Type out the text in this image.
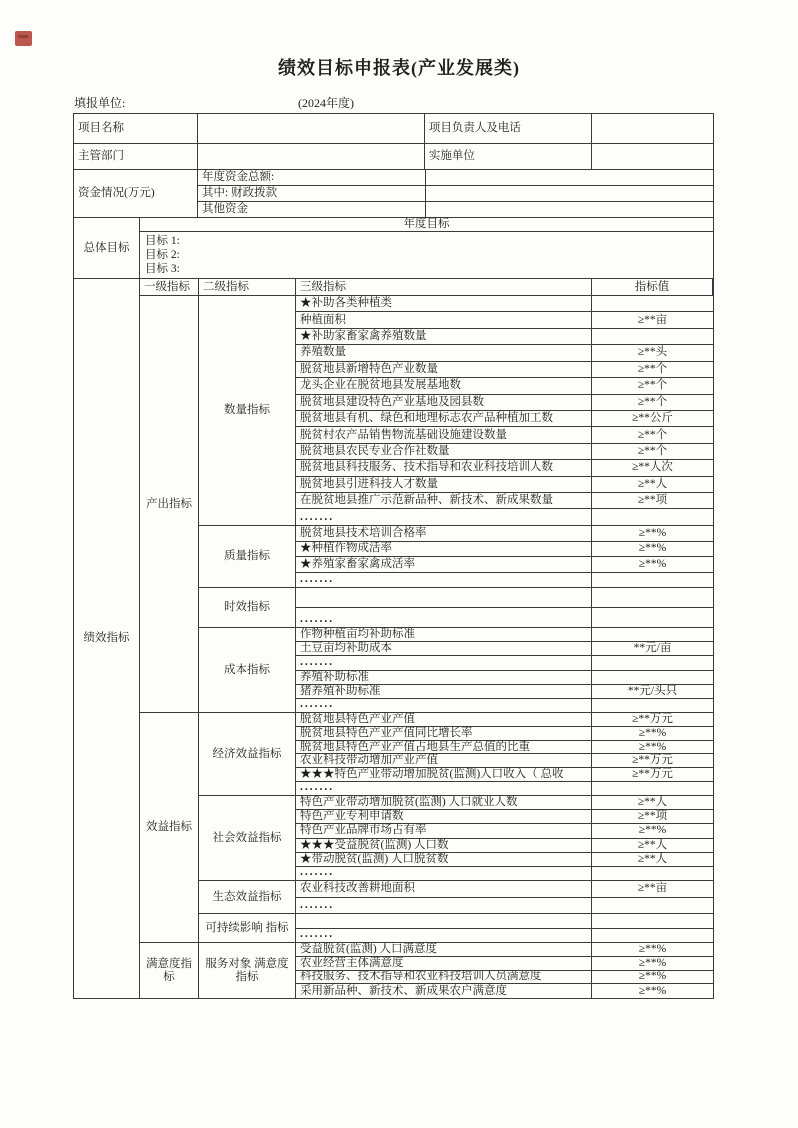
绩效目标申报表(产业发展类)
填报单位:	(2024年度)
项目名称	项目负责人及电话
主管部门	实施单位
资金情况(万元)
年度资金总额:
其中: 财政拨款
其他资金
总体目标
年度目标
目标 1:
目标 2:
目标 3:
绩效指标
一级指标	二级指标	三级指标	指标值
产出指标
数量指标
★补助各类种植类
种植面积	≥**亩
★补助家畜家禽养殖数量
养殖数量	≥**头
脱贫地县新增特色产业数量	≥**个
龙头企业在脱贫地县发展基地数	≥**个
脱贫地县建设特色产业基地及园县数	≥**个
脱贫地县有机、绿色和地理标志农产品种植加工数	≥**公斤
脱贫村农产品销售物流基础设施建设数量	≥**个
脱贫地县农民专业合作社数量	≥**个
脱贫地县科技服务、技术指导和农业科技培训人数	≥**人次
脱贫地县引进科技人才数量	≥**人
在脱贫地县推广示范新品种、新技术、新成果数量	≥**项
.......
质量指标
脱贫地县技术培训合格率	≥**%
★种植作物成活率	≥**%
★养殖家畜家禽成活率	≥**%
.......
时效指标
.......
成本指标
作物种植亩均补助标准
土豆亩均补助成本	**元/亩
.......
养殖补助标准
猪养殖补助标准	**元/头只
.......
效益指标
经济效益指标
脱贫地县特色产业产值	≥**万元
脱贫地县特色产业产值同比增长率	≥**%
脱贫地县特色产业产值占地县生产总值的比重	≥**%
农业科技带动增加产业产值	≥**万元
★★★特色产业带动增加脱贫(监测)人口收入（ 总收	≥**万元
.......
社会效益指标
特色产业带动增加脱贫(监测) 人口就业人数	≥**人
特色产业专利申请数	≥**项
特色产业品牌市场占有率	≥**%
★★★受益脱贫(监测) 人口数	≥**人
★带动脱贫(监测) 人口脱贫数	≥**人
.......
生态效益指标
农业科技改善耕地面积	≥**亩
.......
可持续影响 指标
.......
满意度指标
服务对象 满意度指标
受益脱贫(监测) 人口满意度	≥**%
农业经营主体满意度	≥**%
科技服务、技术指导和农业科技培训人员满意度	≥**%
采用新品种、新技术、新成果农户满意度	≥**%
